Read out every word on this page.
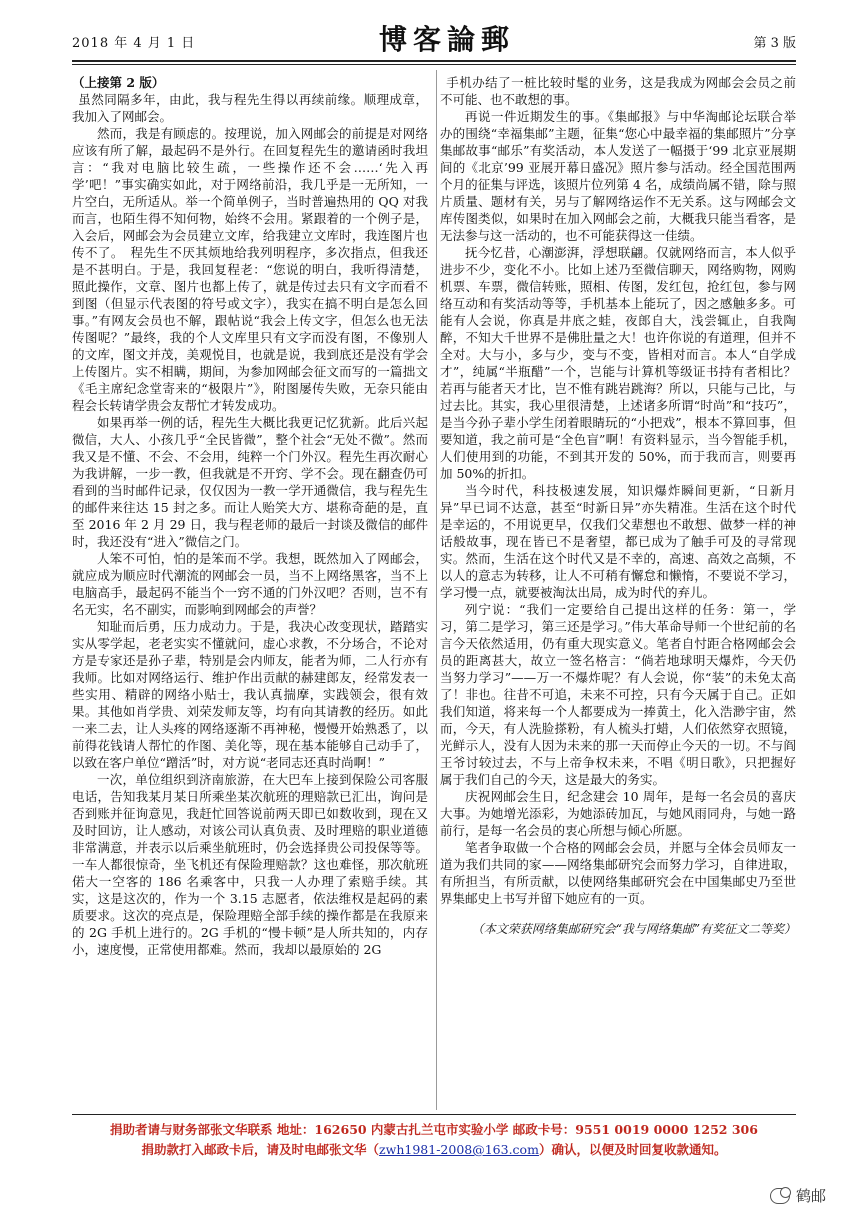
2018 年 4 月 1 日	博客論郵	第 3 版
（上接第 2 版）

虽然同隔多年，由此，我与程先生得以再续前缘。顺理成章，我加入了网邮会。

然而，我是有顾虑的。按理说，加入网邮会的前提是对网络应该有所了解，最起码不是外行。在回复程先生的邀请函时我坦言：“我对电脑比较生疏，一些操作还不会……‘先入再学’吧！”事实确实如此，对于网络前沿，我几乎是一无所知，一片空白，无所适从。举一个简单例子，当时普遍热用的 QQ 对我而言，也陌生得不知何物，始终不会用。紧跟着的一个例子是，入会后，网邮会为会员建立文库，给我建立文库时，我连图片也传不了。　程先生不厌其烦地给我列明程序，多次指点，但我还是不甚明白。于是，我回复程老：“您说的明白，我听得清楚，照此操作，文章、图片也都上传了，就是传过去只有文字而看不到图（但显示代表图的符号或文字），我实在搞不明白是怎么回事。”有网友会员也不解，跟帖说“我会上传文字，但怎么也无法传图呢？”最终，我的个人文库里只有文字而没有图，不像别人的文库，图文并茂，美观悦目，也就是说，我到底还是没有学会上传图片。实不相瞒，期间，为参加网邮会征文而写的一篇拙文《毛主席纪念堂寄来的“极限片”》，附图屡传失败，无奈只能由程会长转请学贵会友帮忙才转发成功。

如果再举一例的话，程先生大概比我更记忆犹新。此后兴起微信，大人、小孩几乎“全民皆微”，整个社会“无处不微”。然而我又是不懂、不会、不会用，纯粹一个门外汉。程先生再次耐心为我讲解，一步一教，但我就是不开窍、学不会。现在翻查仍可看到的当时邮件记录，仅仅因为一教一学开通微信，我与程先生的邮件来往达 15 封之多。而让人贻笑大方、堪称奇葩的是，直至 2016 年 2 月 29 日，我与程老师的最后一封谈及微信的邮件时，我还没有“进入”微信之门。

人笨不可怕，怕的是笨而不学。我想，既然加入了网邮会，就应成为顺应时代潮流的网邮会一员，当不上网络黑客，当不上电脑高手，最起码不能当个一窍不通的门外汉吧？否则，岂不有名无实，名不副实，而影响到网邮会的声誉？

知耻而后勇，压力成动力。于是，我决心改变现状，踏踏实实从零学起，老老实实不懂就问，虚心求教，不分场合，不论对方是专家还是孙子辈，特别是会内师友，能者为师，二人行亦有我师。比如对网络运行、维护作出贡献的赫建郎友，经常发表一些实用、精辟的网络小贴士，我认真揣摩，实践领会，很有效果。其他如肖学贵、刘荣发师友等，均有向其请教的经历。如此一来二去，让人头疼的网络逐渐不再神秘，慢慢开始熟悉了，以前得花钱请人帮忙的作图、美化等，现在基本能够自己动手了，以致在客户单位“蹭活”时，对方说“老同志还真时尚啊！”

一次，单位组织到济南旅游，在大巴车上接到保险公司客服电话，告知我某月某日所乘坐某次航班的理赔款已汇出，询问是否到账并征询意见，我赶忙回答说前两天即已如数收到，现在又及时回访，让人感动，对该公司认真负责、及时理赔的职业道德非常满意，并表示以后乘坐航班时，仍会选择贵公司投保等等。一车人都很惊奇，坐飞机还有保险理赔款？这也难怪，那次航班偌大一空客的 186 名乘客中，只我一人办理了索赔手续。其实，这是这次的，作为一个 3.15 志愿者，依法维权是起码的素质要求。这次的亮点是，保险理赔全部手续的操作都是在我原来的 2G 手机上进行的。2G 手机的“慢卡顿”是人所共知的，内存小，速度慢，正常使用都难。然而，我却以最原始的 2G

手机办结了一桩比较时髦的业务，这是我成为网邮会会员之前不可能、也不敢想的事。

再说一件近期发生的事。《集邮报》与中华淘邮论坛联合举办的围绕“幸福集邮”主题，征集“您心中最幸福的集邮照片”分享集邮故事“邮乐”有奖活动，本人发送了一幅摄于‘99 北京亚展期间的《北京’99 亚展开幕日盛况》照片参与活动。经全国范围两个月的征集与评选，该照片位列第 4 名，成绩尚属不错，除与照片质量、题材有关，另与了解网络运作不无关系。这与网邮会文库传图类似，如果时在加入网邮会之前，大概我只能当看客，是无法参与这一活动的，也不可能获得这一佳绩。

抚今忆昔，心潮澎湃，浮想联翩。仅就网络而言，本人似乎进步不少，变化不小。比如上述乃至微信聊天，网络购物，网购机票、车票，微信转账，照相、传图，发红包，抢红包，参与网络互动和有奖活动等等，手机基本上能玩了，因之感触多多。可能有人会说，你真是井底之蛙，夜郎自大，浅尝辄止，自我陶醉，不知大千世界不是佛肚量之大！也许你说的有道理，但并不全对。大与小，多与少，变与不变，皆相对而言。本人“自学成才”，纯属“半瓶醋”一个，岂能与计算机等级证书持有者相比？若再与能者天才比，岂不惟有跳岩跳海？所以，只能与己比，与过去比。其实，我心里很清楚，上述诸多所谓“时尚”和“技巧”，是当今孙子辈小学生闭着眼睛玩的“小把戏”，根本不算回事，但要知道，我之前可是“全色盲”啊！有资料显示，当今智能手机，人们使用到的功能，不到其开发的 50%，而于我而言，则要再加 50%的折扣。

当今时代，科技极速发展，知识爆炸瞬间更新，“日新月异”早已词不达意，甚至“时新日异”亦失精准。生活在这个时代是幸运的，不用说更早，仅我们父辈想也不敢想、做梦一样的神话般故事，现在皆已不是奢望，都已成为了触手可及的寻常现实。然而，生活在这个时代又是不幸的，高速、高效之高频，不以人的意志为转移，让人不可稍有懈怠和懒惰，不要说不学习，学习慢一点，就要被淘汰出局，成为时代的弃儿。

列宁说：“我们一定要给自己提出这样的任务：第一，学习，第二是学习，第三还是学习。”伟大革命导师一个世纪前的名言今天依然适用，仍有重大现实意义。笔者自忖距合格网邮会会员的距离甚大，故立一签名格言：“倘若地球明天爆炸，今天仍当努力学习”——万一不爆炸呢？有人会说，你“装”的未免太高了！非也。往昔不可追，未来不可控，只有今天属于自己。正如我们知道，将来每一个人都要成为一捧黄土，化入浩渺宇宙，然而，今天，有人洗脸搽粉，有人梳头打蜡，人们依然穿衣照镜，光鲜示人，没有人因为未来的那一天而停止今天的一切。不与阎王爷讨较过去，不与上帝争权未来，不唱《明日歌》，只把握好属于我们自己的今天，这是最大的务实。

庆祝网邮会生日，纪念建会 10 周年，是每一名会员的喜庆大事。为她增光添彩，为她添砖加瓦，与她风雨同舟，与她一路前行，是每一名会员的衷心所想与倾心所愿。

笔者争取做一个合格的网邮会会员，并愿与全体会员师友一道为我们共同的家——网络集邮研究会而努力学习，自律进取，有所担当，有所贡献，以使网络集邮研究会在中国集邮史乃至世界集邮史上书写并留下她应有的一页。

（本文荣获网络集邮研究会“我与网络集邮”有奖征文二等奖）
捐助者请与财务部张文华联系 地址：162650 内蒙古扎兰屯市实验小学 邮政卡号：9551 0019 0000 1252 306
捐助款打入邮政卡后，请及时电邮张文华（zwh1981-2008@163.com）确认，以便及时回复收款通知。
鹤邮
